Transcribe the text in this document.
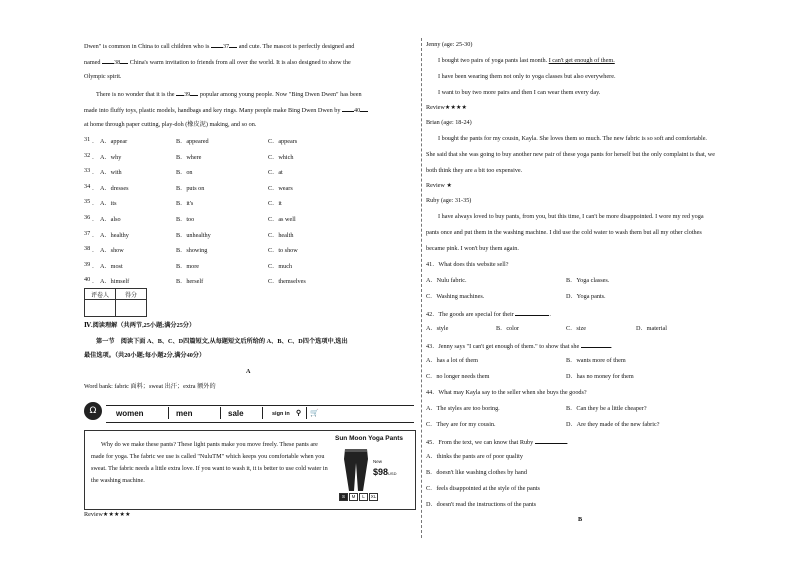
Dwen" is common in China to call children who is 37 and cute. The mascot is perfectly designed and
named 38 China's warm invitation to friends from all over the world. It is also designed to show the
Olympic spirit.
There is no wonder that it is the 39 popular among young people. Now "Bing Dwen Dwen" has been
made into fluffy toys, plastic models, handbags and key rings. Many people make Bing Dwen Dwen by 40
at home through paper cutting, play-doh (橡皮泥) making, and so on.
31 ． A．appear	B．appeared	C．appears
32 ． A．why	B．where	C．which
33 ． A．with	B．on	C．at
34 ． A．dresses	B．puts on	C．wears
35 ． A．its	B．it's	C．it
36 ． A．also	B．too	C．as well
37 ． A．healthy	B．unhealthy	C．health
38 ． A．show	B．showing	C．to show
39 ． A．most	B．more	C．much
40 ． A．himself	B．herself	C．themselves
评卷人	得分

Ⅳ.阅读理解（共两节,25小题;满分25分）
第一节　阅读下面 A、B、C、D四篇短文,从每题短文后所给的 A、B、C、D四个选项中,选出
最佳选项。（共20小题;每小题2分,满分40分）
A
Word bank: fabric 面料；sweat 出汗；extra 额外的
Ω	women	men	sale	sign in ⚲ 🛒
Why do we make these pants? These light pants make you move freely. These pants are made for yoga. The fabric we use is called "NuluTM" which keeps you comfortable when you sweat. The fabric needs a little extra love. If you want to wash it, it is better to use cold water in the washing machine.
Sun Moon Yoga Pants
New
$98USD
S	M	L	XL
Review★★★★★
Jenny (age: 25-30)
I bought two pairs of yoga pants last month. I can't get enough of them.
I have been wearing them not only to yoga classes but also everywhere.
I want to buy two more pairs and then I can wear them every day.
Review★★★★
Brian (age: 18-24)
I bought the pants for my cousin, Kayla. She loves them so much. The new fabric is so soft and comfortable.
She said that she was going to buy another new pair of these yoga pants for herself but the only complaint is that, we
both think they are a bit too expensive.
Review ★
Ruby (age: 31-35)
I have always loved to buy pants, from you, but this time, I can't be more disappointed. I wore my red yoga
pants once and put them in the washing machine. I did use the cold water to wash them but all my other clothes
became pink. I won't buy them again.
41．What does this website sell?
A．Nulu fabric.	B．Yoga classes.
C．Washing machines.	D．Yoga pants.
42．The goods are special for their	.
A．style	B．color	C．size	D．material
43．Jenny says "I can't get enough of them." to show that she	.
A．has a lot of them	B．wants more of them
C．no longer needs them	D．has no money for them
44．What may Kayla say to the seller when she buys the goods?
A．The styles are too boring.	B．Can they be a little cheaper?
C．They are for my cousin.	D．Are they made of the new fabric?
45．From the text, we can know that Ruby	.
A．thinks the pants are of poor quality
B．doesn't like washing clothes by hand
C．feels disappointed at the style of the pants
D．doesn't read the instructions of the pants
B
